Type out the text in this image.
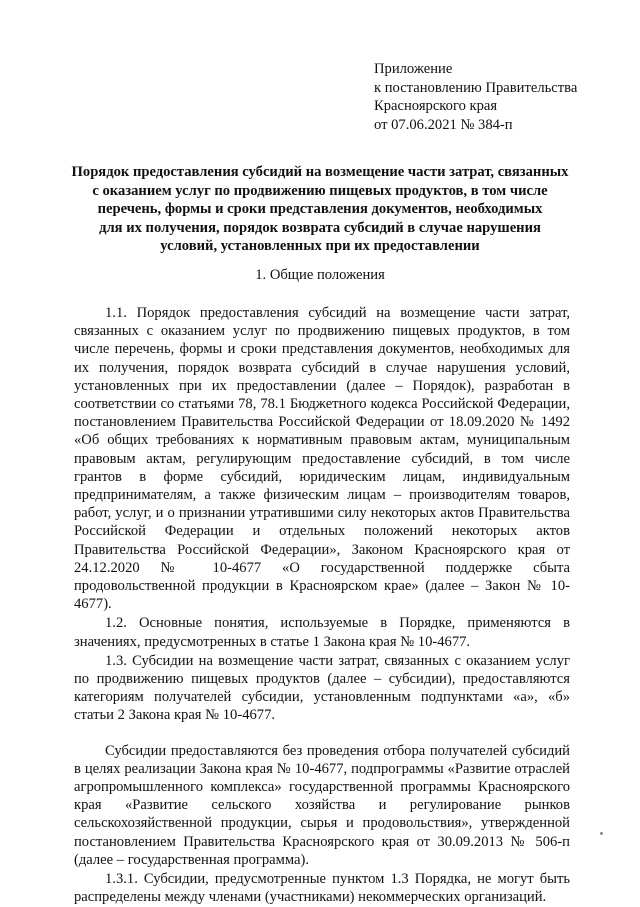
Приложение
к постановлению Правительства
Красноярского края
от 07.06.2021 № 384-п
Порядок предоставления субсидий на возмещение части затрат, связанных
с оказанием услуг по продвижению пищевых продуктов, в том числе
перечень, формы и сроки представления документов, необходимых
для их получения, порядок возврата субсидий в случае нарушения
условий, установленных при их предоставлении
1. Общие положения

1.1. Порядок предоставления субсидий на возмещение части затрат, связанных с оказанием услуг по продвижению пищевых продуктов, в том числе перечень, формы и сроки представления документов, необходимых для их получения, порядок возврата субсидий в случае нарушения условий, установленных при их предоставлении (далее – Порядок), разработан в соответствии со статьями 78, 78.1 Бюджетного кодекса Российской Федерации, постановлением Правительства Российской Федерации от 18.09.2020 № 1492 «Об общих требованиях к нормативным правовым актам, муниципальным правовым актам, регулирующим предоставление субсидий, в том числе грантов в форме субсидий, юридическим лицам, индивидуальным предпринимателям, а также физическим лицам – производителям товаров, работ, услуг, и о признании утратившими силу некоторых актов Правительства Российской Федерации и отдельных положений некоторых актов Правительства Российской Федерации», Законом Красноярского края от 24.12.2020 № 10-4677 «О государственной поддержке сбыта продовольственной продукции в Красноярском крае» (далее – Закон № 10-4677).

1.2. Основные понятия, используемые в Порядке, применяются в значениях, предусмотренных в статье 1 Закона края № 10-4677.

1.3. Субсидии на возмещение части затрат, связанных с оказанием услуг по продвижению пищевых продуктов (далее – субсидии), предоставляются категориям получателей субсидии, установленным подпунктами «а», «б» статьи 2 Закона края № 10-4677.

Субсидии предоставляются без проведения отбора получателей субсидий в целях реализации Закона края № 10-4677, подпрограммы «Развитие отраслей агропромышленного комплекса» государственной программы Красноярского края «Развитие сельского хозяйства и регулирование рынков сельскохозяйственной продукции, сырья и продовольствия», утвержденной постановлением Правительства Красноярского края от 30.09.2013 № 506-п (далее – государственная программа).

1.3.1. Субсидии, предусмотренные пунктом 1.3 Порядка, не могут быть распределены между членами (участниками) некоммерческих организаций.
